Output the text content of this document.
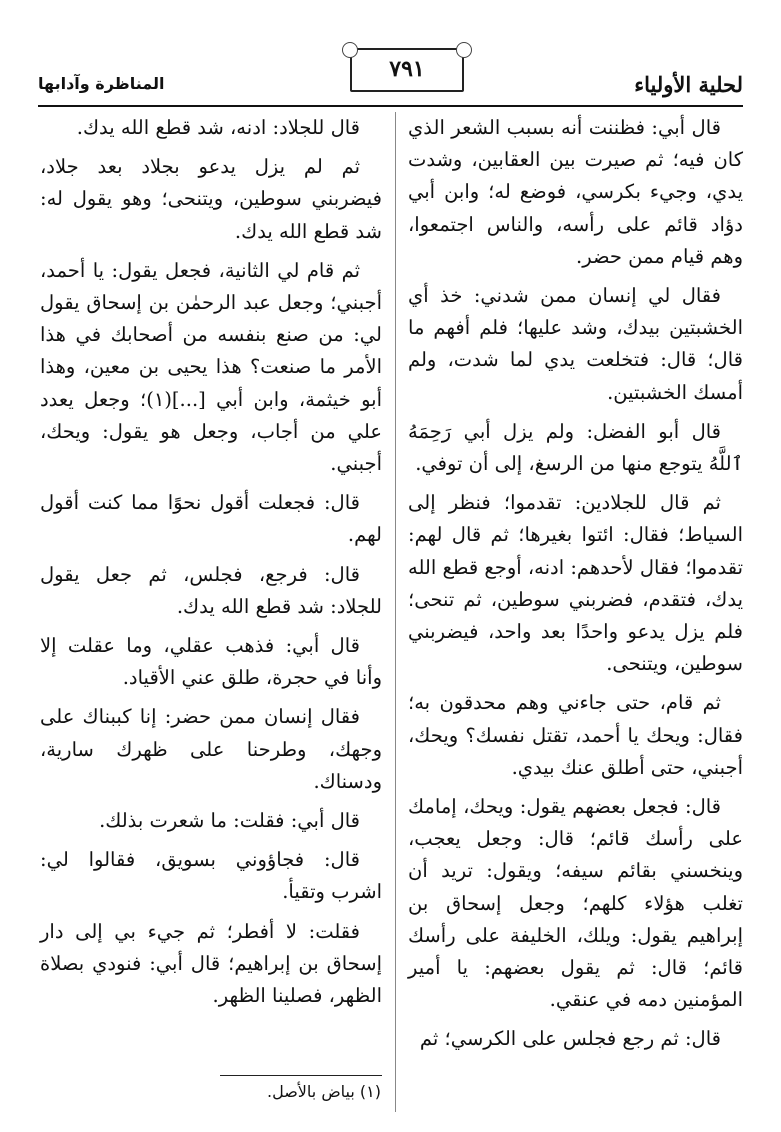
لحلية الأولياء
٧٩١
المناظرة وآدابها

قال أبي: فظننت أنه بسبب الشعر الذي كان فيه؛ ثم صيرت بين العقابين، وشدت يدي، وجيء بكرسي، فوضع له؛ وابن أبي دؤاد قائم على رأسه، والناس اجتمعوا، وهم قيام ممن حضر.

فقال لي إنسان ممن شدني: خذ أي الخشبتين بيدك، وشد عليها؛ فلم أفهم ما قال؛ قال: فتخلعت يدي لما شدت، ولم أمسك الخشبتين.

قال أبو الفضل: ولم يزل أبي رَحِمَهُ ٱللَّهُ يتوجع منها من الرسغ، إلى أن توفي.

ثم قال للجلادين: تقدموا؛ فنظر إلى السياط؛ فقال: ائتوا بغيرها؛ ثم قال لهم: تقدموا؛ فقال لأحدهم: ادنه، أوجع قطع الله يدك، فتقدم، فضربني سوطين، ثم تنحى؛ فلم يزل يدعو واحدًا بعد واحد، فيضربني سوطين، ويتنحى.

ثم قام، حتى جاءني وهم محدقون به؛ فقال: ويحك يا أحمد، تقتل نفسك؟ ويحك، أجبني، حتى أطلق عنك بيدي.

قال: فجعل بعضهم يقول: ويحك، إمامك على رأسك قائم؛ قال: وجعل يعجب، وينخسني بقائم سيفه؛ ويقول: تريد أن تغلب هؤلاء كلهم؛ وجعل إسحاق بن إبراهيم يقول: ويلك، الخليفة على رأسك قائم؛ قال: ثم يقول بعضهم: يا أمير المؤمنين دمه في عنقي.

قال: ثم رجع فجلس على الكرسي؛ ثم

قال للجلاد: ادنه، شد قطع الله يدك.

ثم لم يزل يدعو بجلاد بعد جلاد، فيضربني سوطين، ويتنحى؛ وهو يقول له: شد قطع الله يدك.

ثم قام لي الثانية، فجعل يقول: يا أحمد، أجبني؛ وجعل عبد الرحمٰن بن إسحاق يقول لي: من صنع بنفسه من أصحابك في هذا الأمر ما صنعت؟ هذا يحيى بن معين، وهذا أبو خيثمة، وابن أبي [...](١)؛ وجعل يعدد علي من أجاب، وجعل هو يقول: ويحك، أجبني.

قال: فجعلت أقول نحوًا مما كنت أقول لهم.

قال: فرجع، فجلس، ثم جعل يقول للجلاد: شد قطع الله يدك.

قال أبي: فذهب عقلي، وما عقلت إلا وأنا في حجرة، طلق عني الأقياد.

فقال إنسان ممن حضر: إنا كببناك على وجهك، وطرحنا على ظهرك سارية، ودسناك.

قال أبي: فقلت: ما شعرت بذلك.

قال: فجاؤوني بسويق، فقالوا لي: اشرب وتقيأ.

فقلت: لا أفطر؛ ثم جيء بي إلى دار إسحاق بن إبراهيم؛ قال أبي: فنودي بصلاة الظهر، فصلينا الظهر.

(١) بياض بالأصل.
